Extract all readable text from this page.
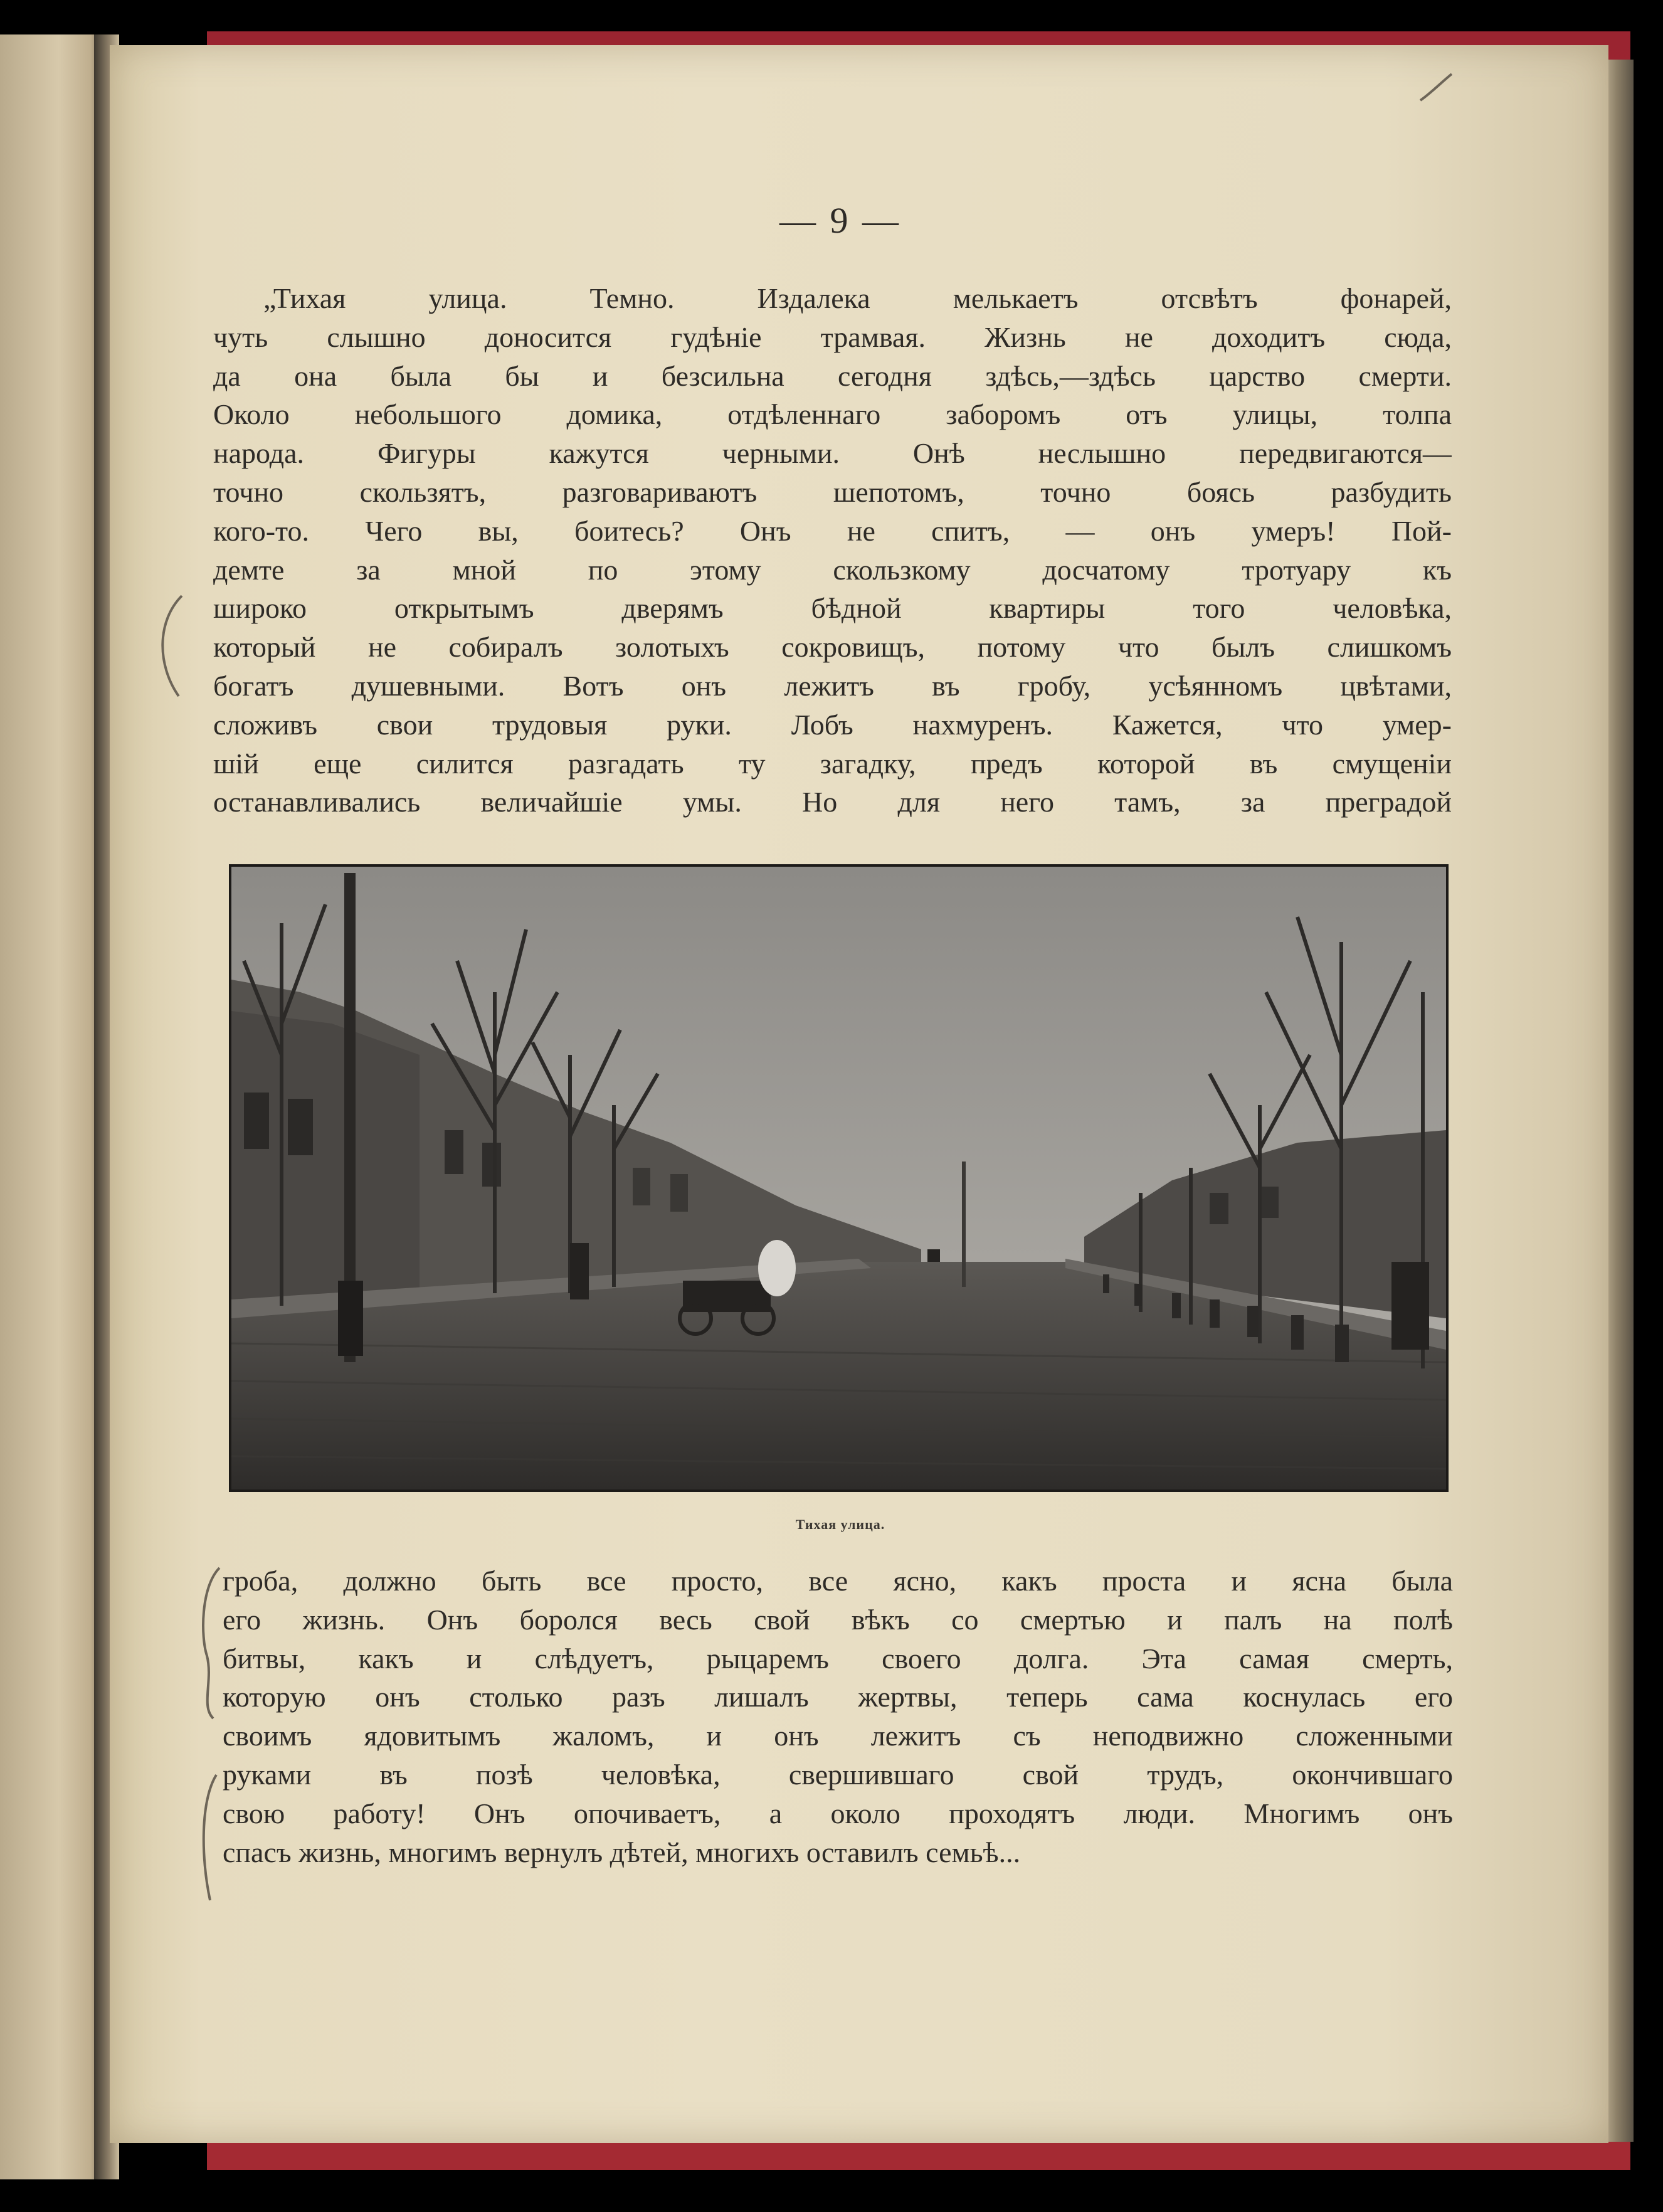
— 9 —
„Тихая улица. Темно. Издалека мелькаетъ отсвѣтъ фонарей,
чуть слышно доносится гудѣніе трамвая. Жизнь не доходитъ сюда,
да она была бы и безсильна сегодня здѣсь,—здѣсь царство смерти.
Около небольшого домика, отдѣленнаго заборомъ отъ улицы, толпа
народа. Фигуры кажутся черными. Онѣ неслышно передвигаются—
точно скользятъ, разговариваютъ шепотомъ, точно боясь разбудить
кого-то. Чего вы, боитесь? Онъ не спитъ, — онъ умеръ! Пой-
демте за мной по этому скользкому досчатому тротуару къ
широко открытымъ дверямъ бѣдной квартиры того человѣка,
который не собиралъ золотыхъ сокровищъ, потому что былъ слишкомъ
богатъ душевными. Вотъ онъ лежитъ въ гробу, усѣянномъ цвѣтами,
сложивъ свои трудовыя руки. Лобъ нахмуренъ. Кажется, что умер-
шій еще силится разгадать ту загадку, предъ которой въ смущеніи
останавливались величайшіе умы. Но для него тамъ, за преградой
Тихая улица.
гроба, должно быть все просто, все ясно, какъ проста и ясна была
его жизнь. Онъ боролся весь свой вѣкъ со смертью и палъ на полѣ
битвы, какъ и слѣдуетъ, рыцаремъ своего долга. Эта самая смерть,
которую онъ столько разъ лишалъ жертвы, теперь сама коснулась его
своимъ ядовитымъ жаломъ, и онъ лежитъ съ неподвижно сложенными
руками въ позѣ человѣка, свершившаго свой трудъ, окончившаго
свою работу! Онъ опочиваетъ, а около проходятъ люди. Многимъ онъ
спасъ жизнь, многимъ вернулъ дѣтей, многихъ оставилъ семьѣ...
